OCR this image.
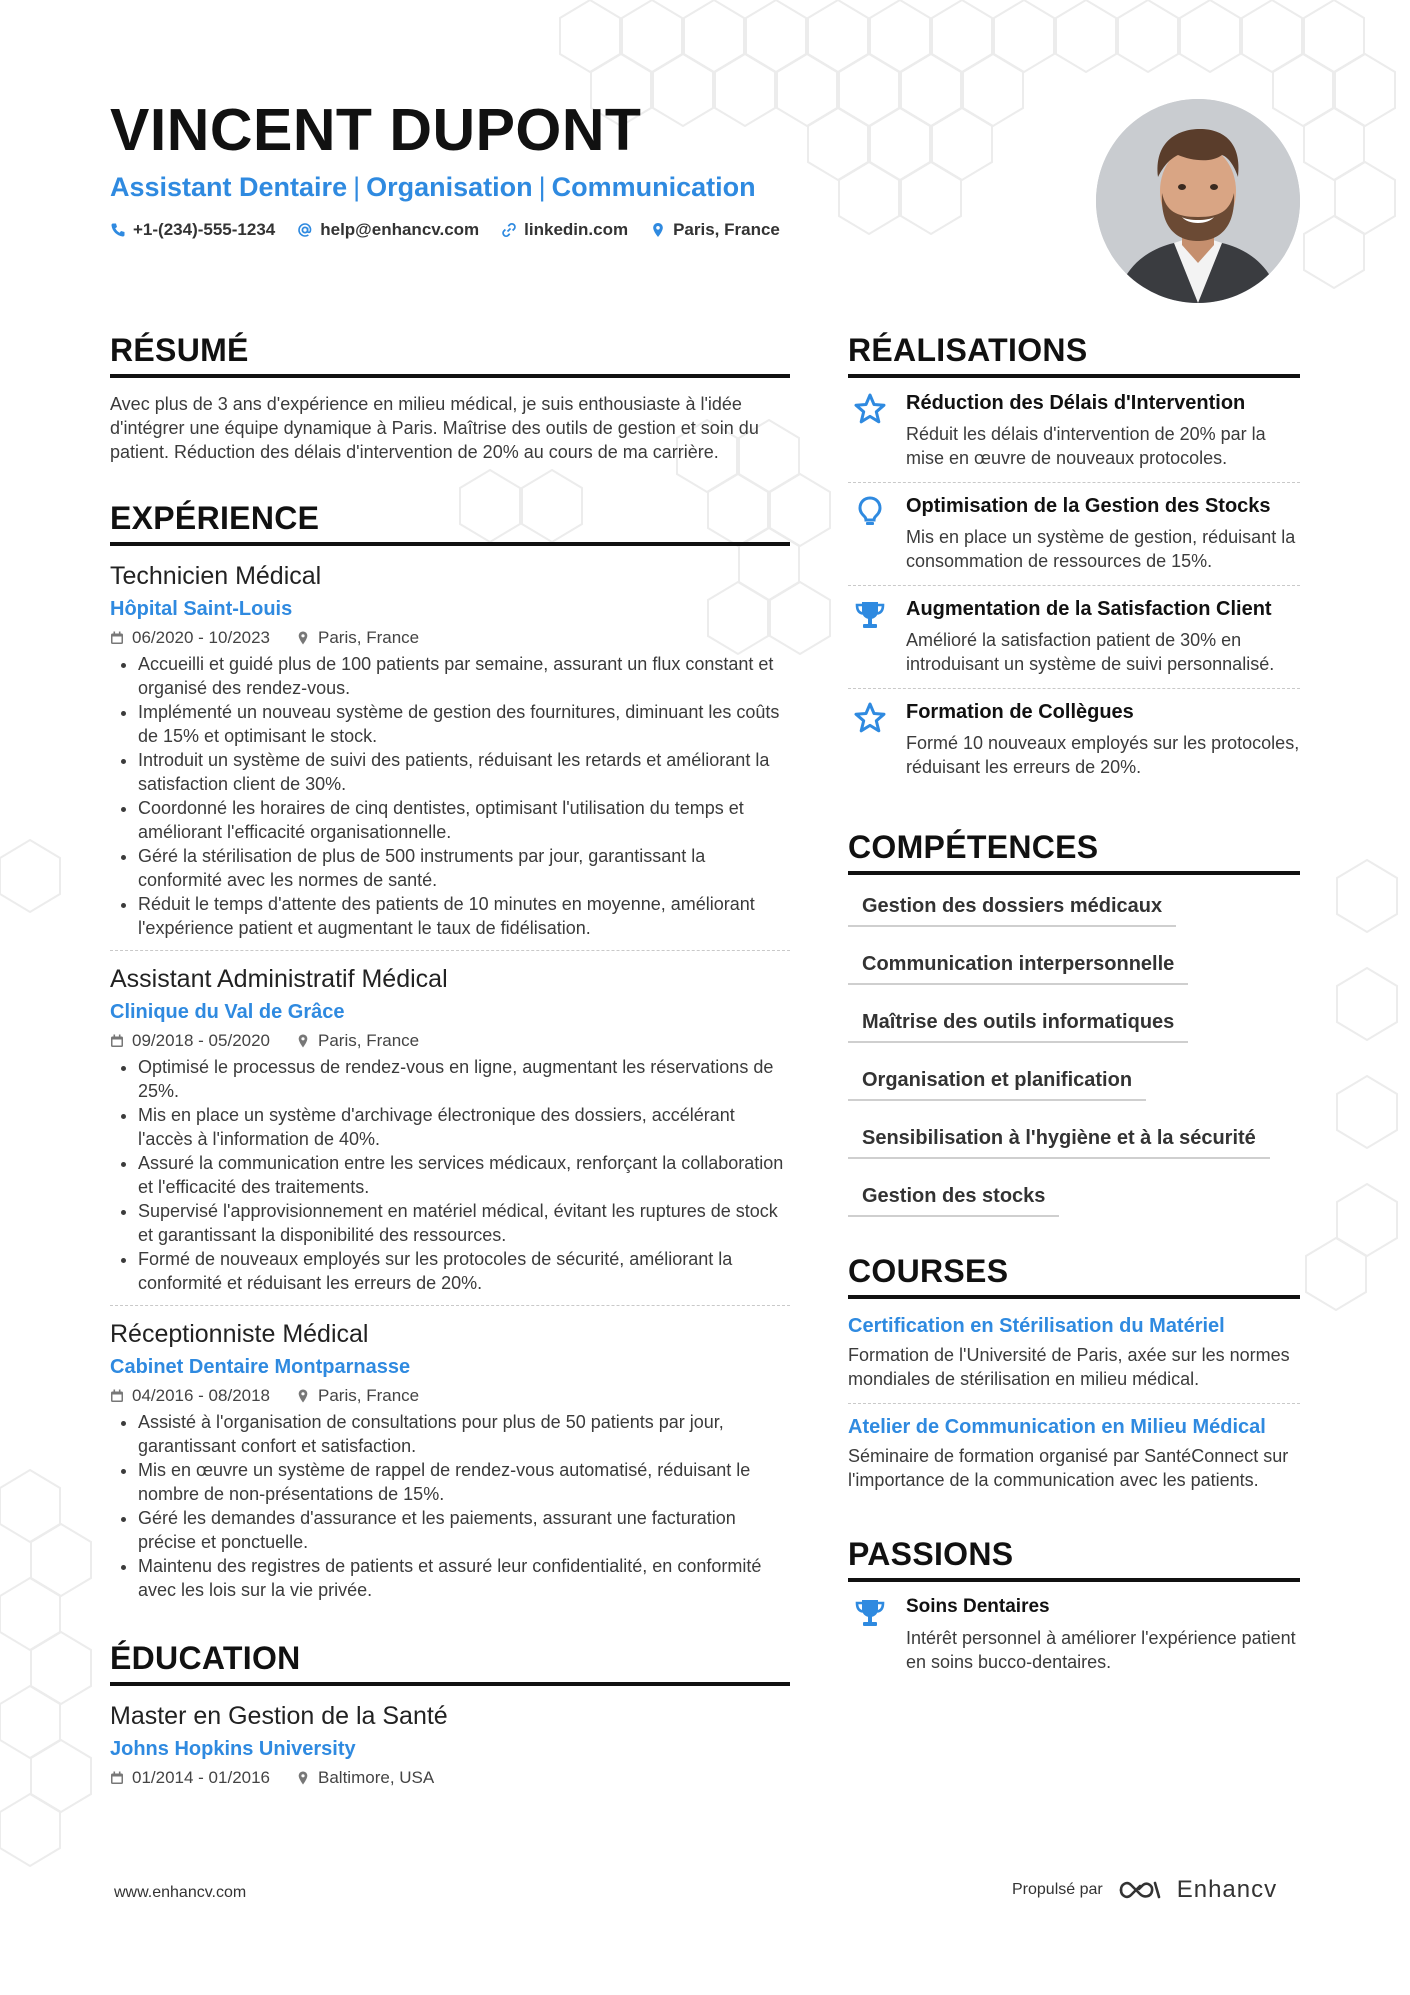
VINCENT DUPONT
Assistant Dentaire | Organisation | Communication
+1-(234)-555-1234	help@enhancv.com	linkedin.com	Paris, France
RÉSUMÉ

Avec plus de 3 ans d'expérience en milieu médical, je suis enthousiaste à l'idée d'intégrer une équipe dynamique à Paris. Maîtrise des outils de gestion et soin du patient. Réduction des délais d'intervention de 20% au cours de ma carrière.

EXPÉRIENCE
Technicien Médical
Hôpital Saint-Louis
06/2020 - 10/2023	Paris, France
• Accueilli et guidé plus de 100 patients par semaine, assurant un flux constant et organisé des rendez-vous.
• Implémenté un nouveau système de gestion des fournitures, diminuant les coûts de 15% et optimisant le stock.
• Introduit un système de suivi des patients, réduisant les retards et améliorant la satisfaction client de 30%.
• Coordonné les horaires de cinq dentistes, optimisant l'utilisation du temps et améliorant l'efficacité organisationnelle.
• Géré la stérilisation de plus de 500 instruments par jour, garantissant la conformité avec les normes de santé.
• Réduit le temps d'attente des patients de 10 minutes en moyenne, améliorant l'expérience patient et augmentant le taux de fidélisation.
Assistant Administratif Médical
Clinique du Val de Grâce
09/2018 - 05/2020	Paris, France
• Optimisé le processus de rendez-vous en ligne, augmentant les réservations de 25%.
• Mis en place un système d'archivage électronique des dossiers, accélérant l'accès à l'information de 40%.
• Assuré la communication entre les services médicaux, renforçant la collaboration et l'efficacité des traitements.
• Supervisé l'approvisionnement en matériel médical, évitant les ruptures de stock et garantissant la disponibilité des ressources.
• Formé de nouveaux employés sur les protocoles de sécurité, améliorant la conformité et réduisant les erreurs de 20%.
Réceptionniste Médical
Cabinet Dentaire Montparnasse
04/2016 - 08/2018	Paris, France
• Assisté à l'organisation de consultations pour plus de 50 patients par jour, garantissant confort et satisfaction.
• Mis en œuvre un système de rappel de rendez-vous automatisé, réduisant le nombre de non-présentations de 15%.
• Géré les demandes d'assurance et les paiements, assurant une facturation précise et ponctuelle.
• Maintenu des registres de patients et assuré leur confidentialité, en conformité avec les lois sur la vie privée.
ÉDUCATION
Master en Gestion de la Santé
Johns Hopkins University
01/2014 - 01/2016	Baltimore, USA
RÉALISATIONS
Réduction des Délais d'Intervention
Réduit les délais d'intervention de 20% par la mise en œuvre de nouveaux protocoles.
Optimisation de la Gestion des Stocks
Mis en place un système de gestion, réduisant la consommation de ressources de 15%.
Augmentation de la Satisfaction Client
Amélioré la satisfaction patient de 30% en introduisant un système de suivi personnalisé.
Formation de Collègues
Formé 10 nouveaux employés sur les protocoles, réduisant les erreurs de 20%.
COMPÉTENCES
Gestion des dossiers médicaux
Communication interpersonnelle
Maîtrise des outils informatiques
Organisation et planification
Sensibilisation à l'hygiène et à la sécurité
Gestion des stocks
COURSES
Certification en Stérilisation du Matériel
Formation de l'Université de Paris, axée sur les normes mondiales de stérilisation en milieu médical.
Atelier de Communication en Milieu Médical
Séminaire de formation organisé par SantéConnect sur l'importance de la communication avec les patients.
PASSIONS
Soins Dentaires
Intérêt personnel à améliorer l'expérience patient en soins bucco-dentaires.
www.enhancv.com	Propulsé par	Enhancv
